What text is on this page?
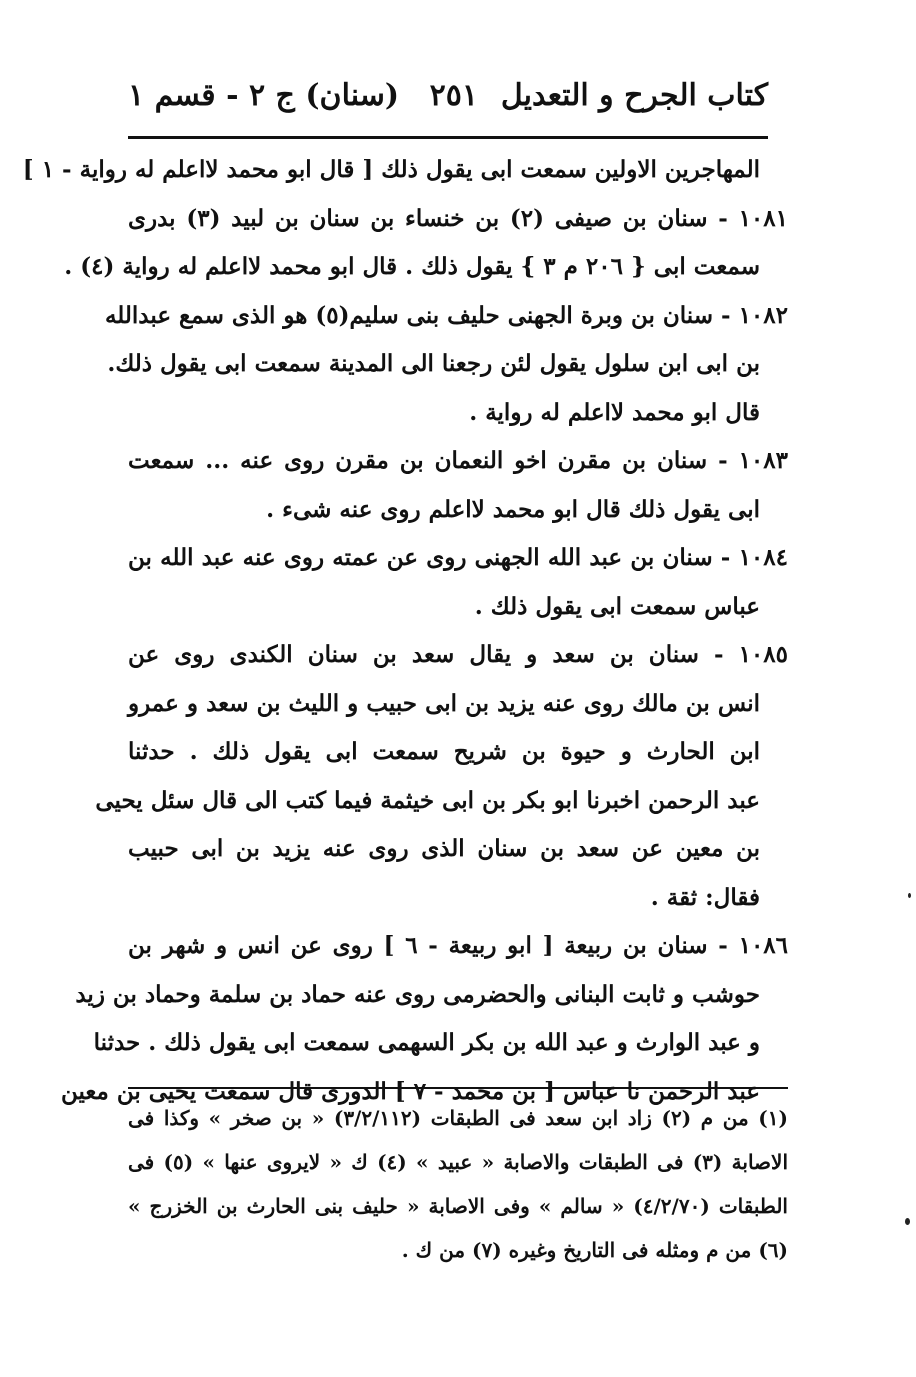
كتاب الجرح و التعديل
٢٥١
(سنان) ج ٢ - قسم ١
المهاجرين الاولين سمعت ابى يقول ذلك [ قال ابو محمد لااعلم له رواية - ١ ]
١٠٨١ - سنان بن صيفى (٢) بن خنساء بن سنان بن لبيد (٣) بدرى
سمعت ابى { ٢٠٦ م ٣ } يقول ذلك . قال ابو محمد لااعلم له رواية (٤) .
١٠٨٢ - سنان بن وبرة الجهنى حليف بنى سليم(٥) هو الذى سمع عبدالله
بن ابى ابن سلول يقول لئن رجعنا الى المدينة سمعت ابى يقول ذلك.
قال ابو محمد لااعلم له رواية .
١٠٨٣ - سنان بن مقرن اخو النعمان بن مقرن روى عنه ... سمعت
ابى يقول ذلك قال ابو محمد لااعلم روى عنه شىء .
١٠٨٤ - سنان بن عبد الله الجهنى روى عن عمته روى عنه عبد الله بن
عباس سمعت ابى يقول ذلك .
١٠٨٥ - سنان بن سعد و يقال سعد بن سنان الكندى روى عن
انس بن مالك روى عنه يزيد بن ابى حبيب و الليث بن سعد و عمرو
ابن الحارث و حيوة بن شريح سمعت ابى يقول ذلك . حدثنا
عبد الرحمن اخبرنا ابو بكر بن ابى خيثمة فيما كتب الى قال سئل يحيى
بن معين عن سعد بن سنان الذى روى عنه يزيد بن ابى حبيب
فقال: ثقة .
١٠٨٦ - سنان بن ربيعة [ ابو ربيعة - ٦ ] روى عن انس و شهر بن
حوشب و ثابت البنانى والحضرمى روى عنه حماد بن سلمة وحماد بن زيد
و عبد الوارث و عبد الله بن بكر السهمى سمعت ابى يقول ذلك . حدثنا
عبد الرحمن نا عباس [ بن محمد - ٧ ] الدورى قال سمعت يحيى بن معين
(١) من م (٢) زاد ابن سعد فى الطبقات (٣/٢/١١٢) « بن صخر » وكذا فى
الاصابة (٣) فى الطبقات والاصابة « عبيد » (٤) ك « لايروى عنها » (٥) فى
الطبقات (٤/٢/٧٠) « سالم » وفى الاصابة « حليف بنى الحارث بن الخزرج »
(٦) من م ومثله فى التاريخ وغيره (٧) من ك .
